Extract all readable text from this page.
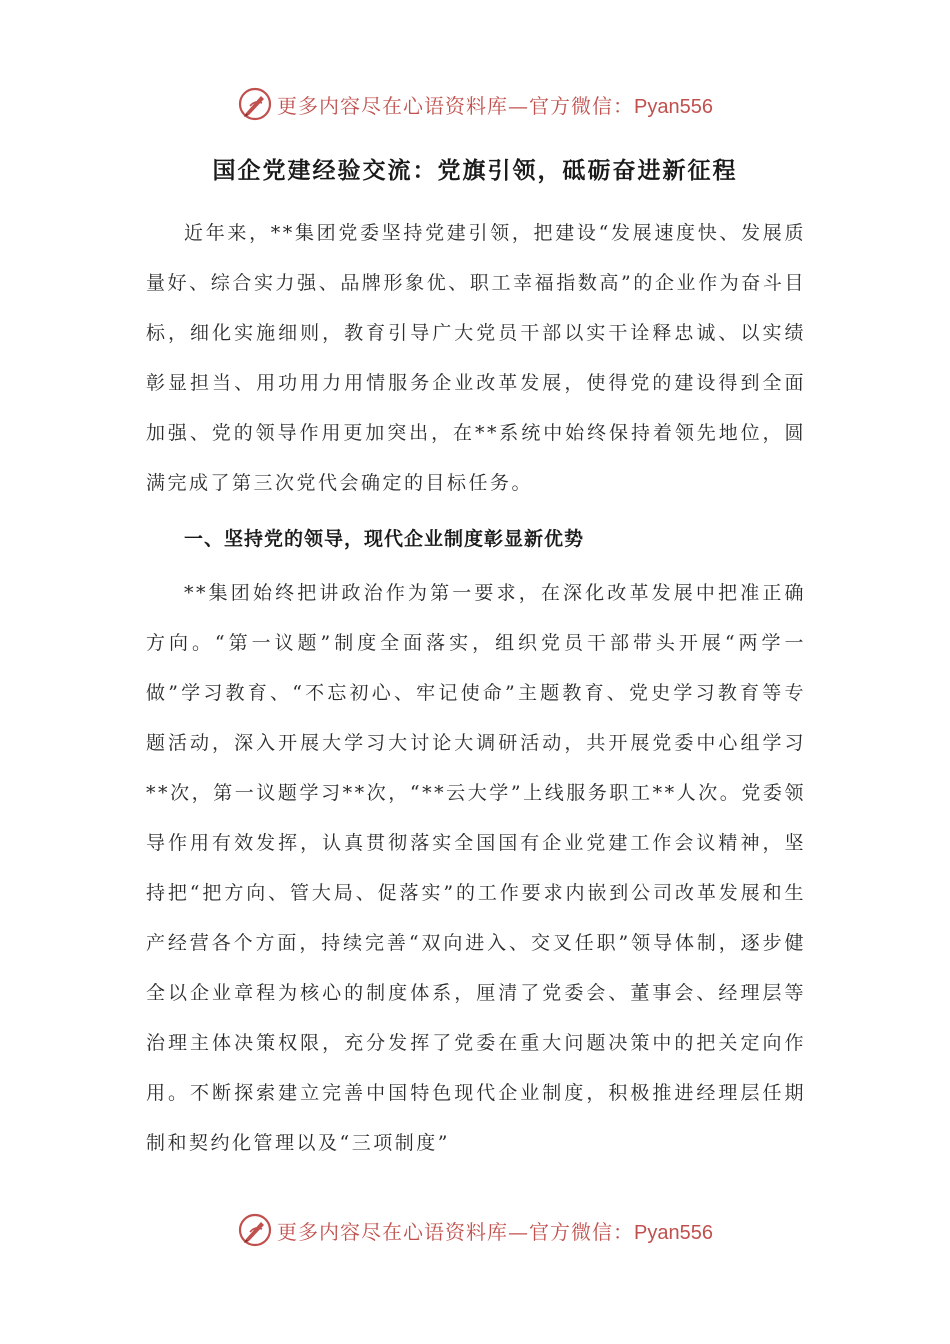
更多内容尽在心语资料库—官方微信：Pyan556
国企党建经验交流：党旗引领，砥砺奋进新征程

近年来，**集团党委坚持党建引领，把建设“发展速度快、发展质量好、综合实力强、品牌形象优、职工幸福指数高”的企业作为奋斗目标，细化实施细则，教育引导广大党员干部以实干诠释忠诚、以实绩彰显担当、用功用力用情服务企业改革发展，使得党的建设得到全面加强、党的领导作用更加突出，在**系统中始终保持着领先地位，圆满完成了第三次党代会确定的目标任务。

一、坚持党的领导，现代企业制度彰显新优势

**集团始终把讲政治作为第一要求，在深化改革发展中把准正确方向。“第一议题”制度全面落实，组织党员干部带头开展“两学一做”学习教育、“不忘初心、牢记使命”主题教育、党史学习教育等专题活动，深入开展大学习大讨论大调研活动，共开展党委中心组学习**次，第一议题学习**次，“**云大学”上线服务职工**人次。党委领导作用有效发挥，认真贯彻落实全国国有企业党建工作会议精神，坚持把“把方向、管大局、促落实”的工作要求内嵌到公司改革发展和生产经营各个方面，持续完善“双向进入、交叉任职”领导体制，逐步健全以企业章程为核心的制度体系，厘清了党委会、董事会、经理层等治理主体决策权限，充分发挥了党委在重大问题决策中的把关定向作用。不断探索建立完善中国特色现代企业制度，积极推进经理层任期制和契约化管理以及“三项制度”

更多内容尽在心语资料库—官方微信：Pyan556
